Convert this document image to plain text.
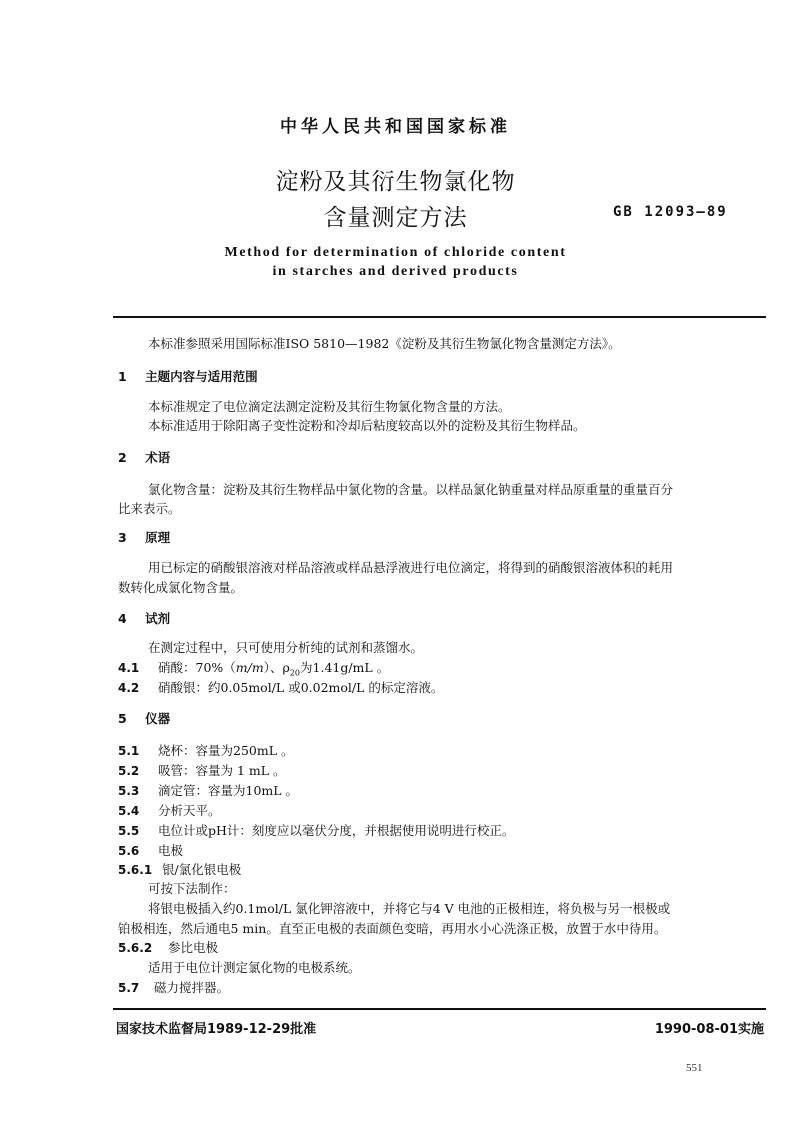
中华人民共和国国家标准
淀粉及其衍生物氯化物
含量测定方法	GB 12093—89
Method for determination of chloride content
in starches and derived products
本标准参照采用国际标准ISO 5810—1982《淀粉及其衍生物氯化物含量测定方法》。
1 主题内容与适用范围
本标准规定了电位滴定法测定淀粉及其衍生物氯化物含量的方法。
本标准适用于除阳离子变性淀粉和冷却后粘度较高以外的淀粉及其衍生物样品。
2 术语
氯化物含量：淀粉及其衍生物样品中氯化物的含量。以样品氯化钠重量对样品原重量的重量百分
比来表示。
3 原理
用已标定的硝酸银溶液对样品溶液或样品悬浮液进行电位滴定，将得到的硝酸银溶液体积的耗用
数转化成氯化物含量。
4 试剂
在测定过程中，只可使用分析纯的试剂和蒸馏水。
4.1 硝酸：70%（m/m）、$\rho_{20}$为1.41g/mL 。
4.2 硝酸银：约0.05mol/L 或0.02mol/L 的标定溶液。
5 仪器
5.1 烧杯：容量为250mL 。
5.2 吸管：容量为 1 mL 。
5.3 滴定管：容量为10mL 。
5.4 分析天平。
5.5 电位计或pH计：刻度应以毫伏分度，并根据使用说明进行校正。
5.6 电极
5.6.1 银/氯化银电极
可按下法制作：
将银电极插入约0.1mol/L 氯化钾溶液中，并将它与4 V 电池的正极相连，将负极与另一根极或
铂极相连，然后通电5 min。直至正电极的表面颜色变暗，再用水小心洗涤正极，放置于水中待用。
5.6.2 参比电极
适用于电位计测定氯化物的电极系统。
5.7 磁力搅拌器。
国家技术监督局1989-12-29批准	1990-08-01实施
551
